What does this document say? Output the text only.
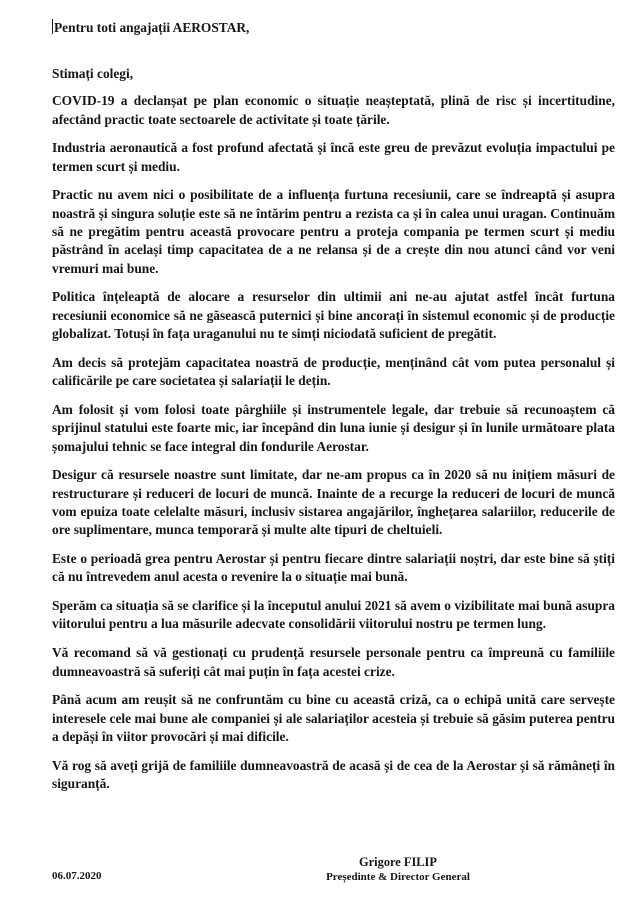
Pentru toti angajații AEROSTAR,

Stimați colegi,

COVID-19 a declanșat pe plan economic o situație neașteptată, plină de risc și incertitudine, afectând practic toate sectoarele de activitate și toate țările.

Industria aeronautică a fost profund afectată și încă este greu de prevăzut evoluția impactului pe termen scurt și mediu.

Practic nu avem nici o posibilitate de a influența furtuna recesiunii, care se îndreaptă și asupra noastră și singura soluție este să ne întărim pentru a rezista ca și în calea unui uragan. Continuăm să ne pregătim pentru această provocare pentru a proteja compania pe termen scurt și mediu păstrând în același timp capacitatea de a ne relansa și de a crește din nou atunci când vor veni vremuri mai bune.

Politica înțeleaptă de alocare a resurselor din ultimii ani ne-au ajutat astfel încât furtuna recesiunii economice să ne găsească puternici și bine ancorați în sistemul economic și de producție globalizat. Totuși în fața uraganului nu te simți niciodată suficient de pregătit.

Am decis să protejăm capacitatea noastră de producție, menținând cât vom putea personalul și calificările pe care societatea și salariații le dețin.

Am folosit și vom folosi toate pârghiile și instrumentele legale, dar trebuie să recunoaștem că sprijinul statului este foarte mic, iar începând din luna iunie și desigur și în lunile următoare plata șomajului tehnic se face integral din fondurile Aerostar.

Desigur că resursele noastre sunt limitate, dar ne-am propus ca în 2020 să nu inițiem măsuri de restructurare și reduceri de locuri de muncă. Inainte de a recurge la reduceri de locuri de muncă vom epuiza toate celelalte măsuri, inclusiv sistarea angajărilor, înghețarea salariilor, reducerile de ore suplimentare, munca temporară și multe alte tipuri de cheltuieli.

Este o perioadă grea pentru Aerostar și pentru fiecare dintre salariații noștri, dar este bine să știți că nu întrevedem anul acesta o revenire la o situație mai bună.

Sperăm ca situația să se clarifice și la începutul anului 2021 să avem o vizibilitate mai bună asupra viitorului pentru a lua măsurile adecvate consolidării viitorului nostru pe termen lung.

Vă recomand să vă gestionați cu prudență resursele personale pentru ca împreună cu familiile dumneavoastră să suferiți cât mai puțin în fața acestei crize.

Până acum am reușit să ne confruntăm cu bine cu această criză, ca o echipă unită care servește interesele cele mai bune ale companiei și ale salariaților acesteia și trebuie să găsim puterea pentru a depăși în viitor provocări și mai dificile.

Vă rog să aveți grijă de familiile dumneavoastră de acasă și de cea de la Aerostar și să rămâneți în siguranță.

06.07.2020
Grigore FILIP
Președinte & Director General
